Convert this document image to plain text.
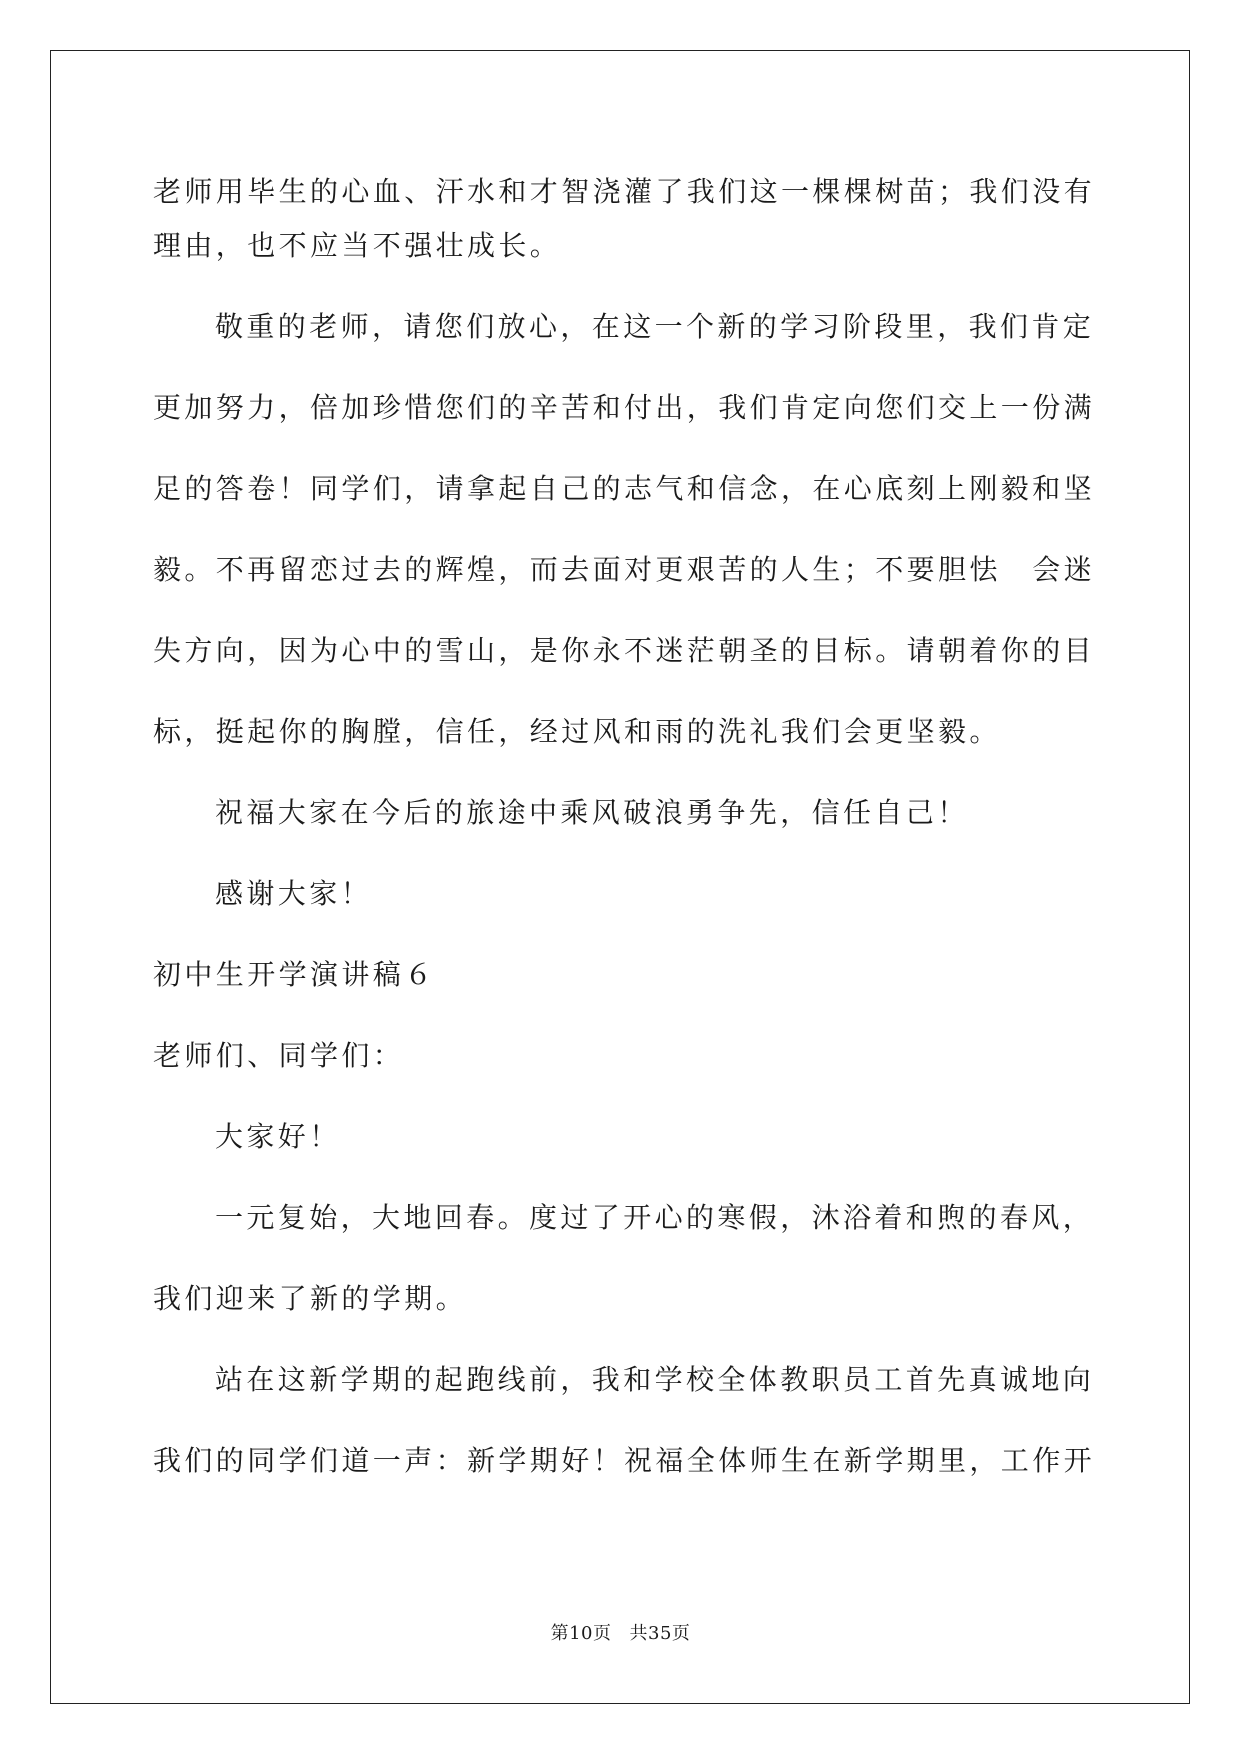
老师用毕生的心血、汗水和才智浇灌了我们这一棵棵树苗；我们没有
理由，也不应当不强壮成长。
敬重的老师，请您们放心，在这一个新的学习阶段里，我们肯定
更加努力，倍加珍惜您们的辛苦和付出，我们肯定向您们交上一份满
足的答卷！同学们，请拿起自己的志气和信念，在心底刻上刚毅和坚
毅。不再留恋过去的辉煌，而去面对更艰苦的人生；不要胆怯　会迷
失方向，因为心中的雪山，是你永不迷茫朝圣的目标。请朝着你的目
标，挺起你的胸膛，信任，经过风和雨的洗礼我们会更坚毅。
祝福大家在今后的旅途中乘风破浪勇争先，信任自己！
感谢大家！
初中生开学演讲稿６
老师们、同学们：
大家好！
一元复始，大地回春。度过了开心的寒假，沐浴着和煦的春风，
我们迎来了新的学期。
站在这新学期的起跑线前，我和学校全体教职员工首先真诚地向
我们的同学们道一声：新学期好！祝福全体师生在新学期里，工作开
第10页 共35页
